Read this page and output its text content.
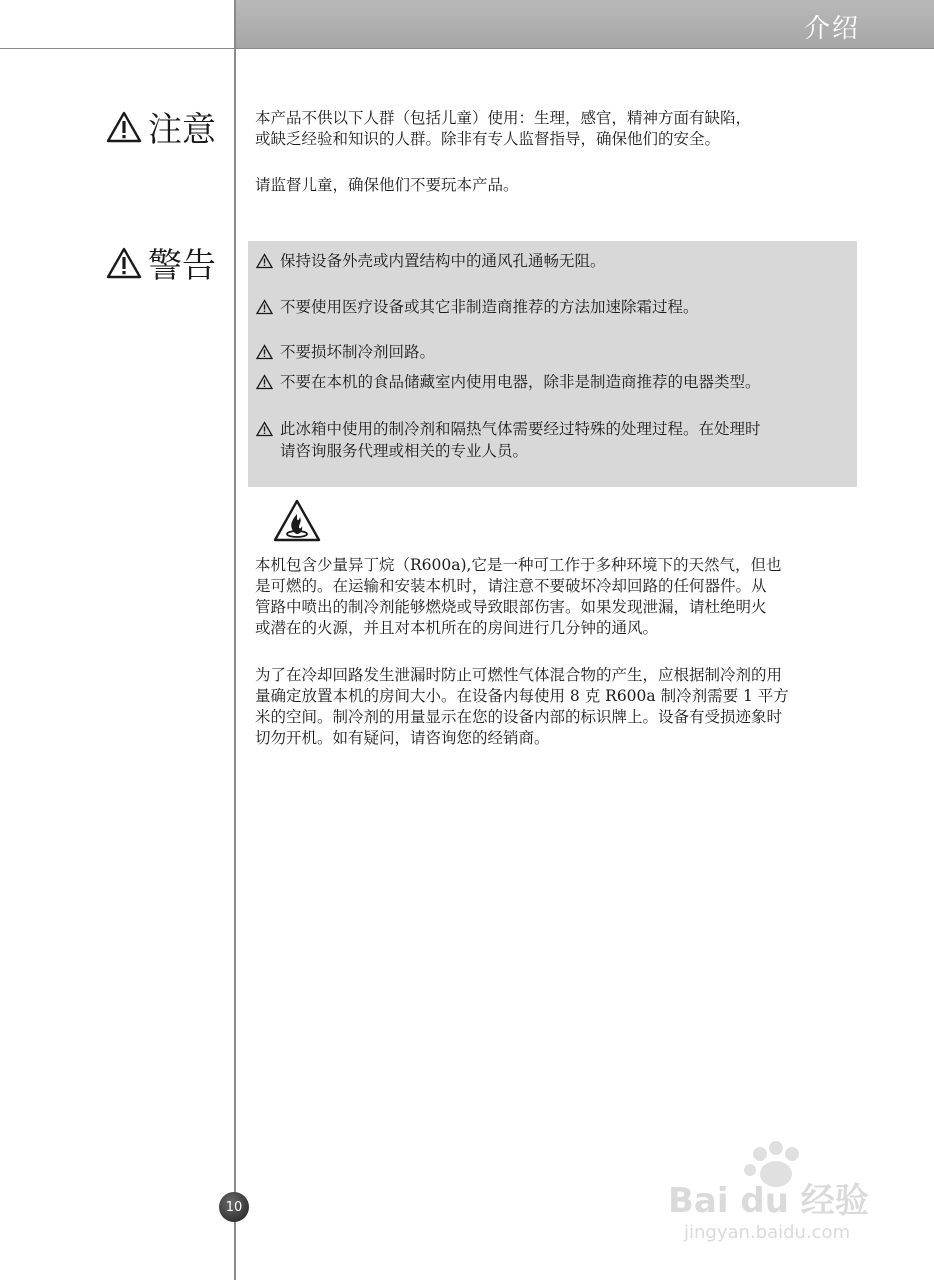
介绍
注意	本产品不供以下人群（包括儿童）使用：生理，感官，精神方面有缺陷，
或缺乏经验和知识的人群。除非有专人监督指导，确保他们的安全。

请监督儿童，确保他们不要玩本产品。

警告	保持设备外壳或内置结构中的通风孔通畅无阻。
不要使用医疗设备或其它非制造商推荐的方法加速除霜过程。
不要损坏制冷剂回路。
不要在本机的食品储藏室内使用电器，除非是制造商推荐的电器类型。
此冰箱中使用的制冷剂和隔热气体需要经过特殊的处理过程。在处理时
请咨询服务代理或相关的专业人员。

本机包含少量异丁烷（R600a),它是一种可工作于多种环境下的天然气，但也
是可燃的。在运输和安装本机时，请注意不要破坏冷却回路的任何器件。从
管路中喷出的制冷剂能够燃烧或导致眼部伤害。如果发现泄漏，请杜绝明火
或潜在的火源，并且对本机所在的房间进行几分钟的通风。

为了在冷却回路发生泄漏时防止可燃性气体混合物的产生，应根据制冷剂的用
量确定放置本机的房间大小。在设备内每使用 8 克 R600a 制冷剂需要 1 平方
米的空间。制冷剂的用量显示在您的设备内部的标识牌上。设备有受损迹象时
切勿开机。如有疑问，请咨询您的经销商。

10	Bai du 经验
jingyan.baidu.com
